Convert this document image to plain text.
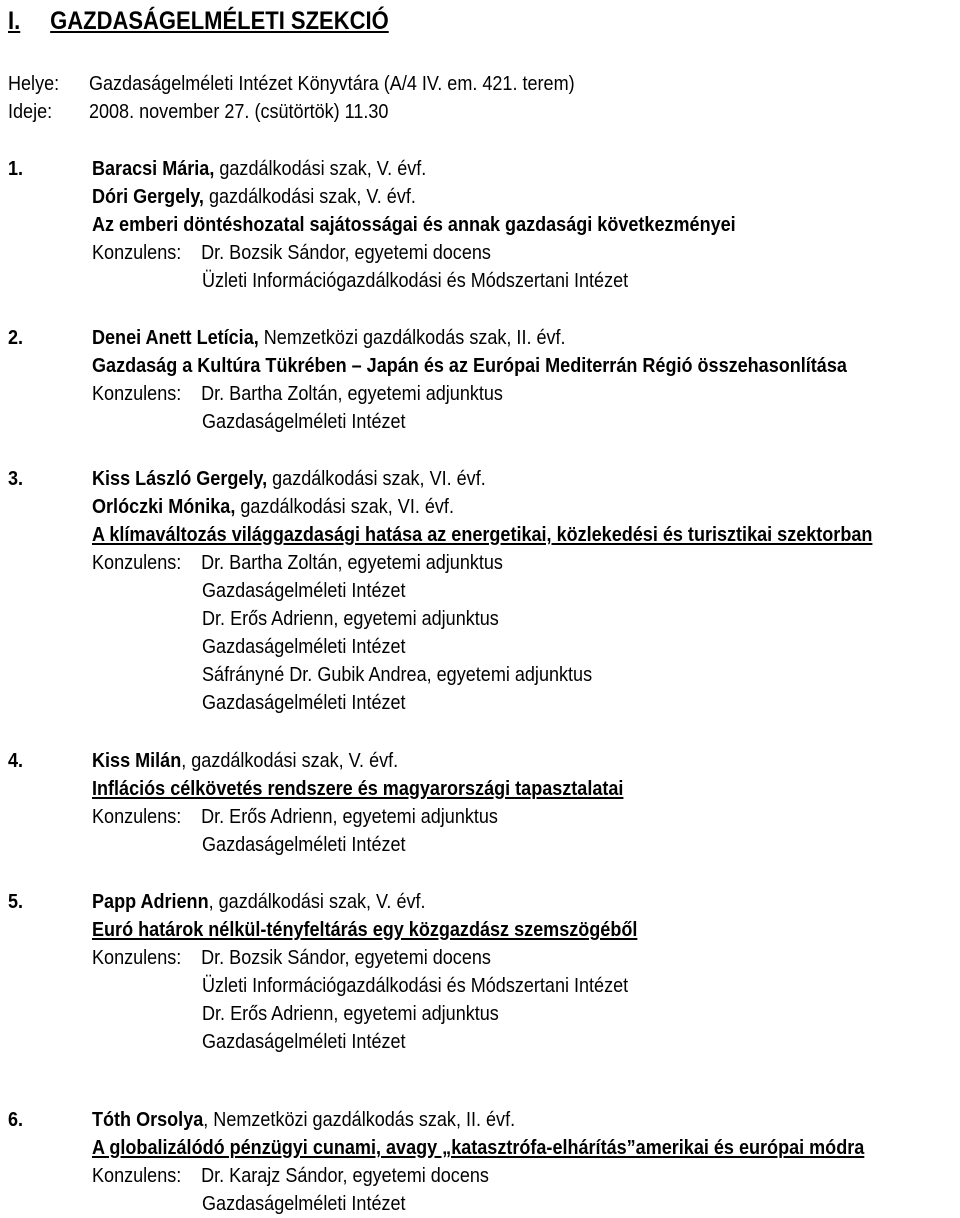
I. GAZDASÁGELMÉLETI SZEKCIÓ
Helye: Gazdaságelméleti Intézet Könyvtára (A/4 IV. em. 421. terem)
Ideje: 2008. november 27. (csütörtök) 11.30
1.	Baracsi Mária, gazdálkodási szak, V. évf.
Dóri Gergely, gazdálkodási szak, V. évf.
Az emberi döntéshozatal sajátosságai és annak gazdasági következményei
Konzulens: Dr. Bozsik Sándor, egyetemi docens
Üzleti Információgazdálkodási és Módszertani Intézet
2.	Denei Anett Letícia, Nemzetközi gazdálkodás szak, II. évf.
Gazdaság a Kultúra Tükrében – Japán és az Európai Mediterrán Régió összehasonlítása
Konzulens: Dr. Bartha Zoltán, egyetemi adjunktus
Gazdaságelméleti Intézet
3.	Kiss László Gergely, gazdálkodási szak, VI. évf.
Orlóczki Mónika, gazdálkodási szak, VI. évf.
A klímaváltozás világgazdasági hatása az energetikai, közlekedési és turisztikai szektorban
Konzulens: Dr. Bartha Zoltán, egyetemi adjunktus
Gazdaságelméleti Intézet
Dr. Erős Adrienn, egyetemi adjunktus
Gazdaságelméleti Intézet
Sáfrányné Dr. Gubik Andrea, egyetemi adjunktus
Gazdaságelméleti Intézet
4.	Kiss Milán, gazdálkodási szak, V. évf.
Inflációs célkövetés rendszere és magyarországi tapasztalatai
Konzulens: Dr. Erős Adrienn, egyetemi adjunktus
Gazdaságelméleti Intézet
5.	Papp Adrienn, gazdálkodási szak, V. évf.
Euró határok nélkül-tényfeltárás egy közgazdász szemszögéből
Konzulens: Dr. Bozsik Sándor, egyetemi docens
Üzleti Információgazdálkodási és Módszertani Intézet
Dr. Erős Adrienn, egyetemi adjunktus
Gazdaságelméleti Intézet
6.	Tóth Orsolya, Nemzetközi gazdálkodás szak, II. évf.
A globalizálódó pénzügyi cunami, avagy „katasztrófa-elhárítás”amerikai és európai módra
Konzulens: Dr. Karajz Sándor, egyetemi docens
Gazdaságelméleti Intézet
